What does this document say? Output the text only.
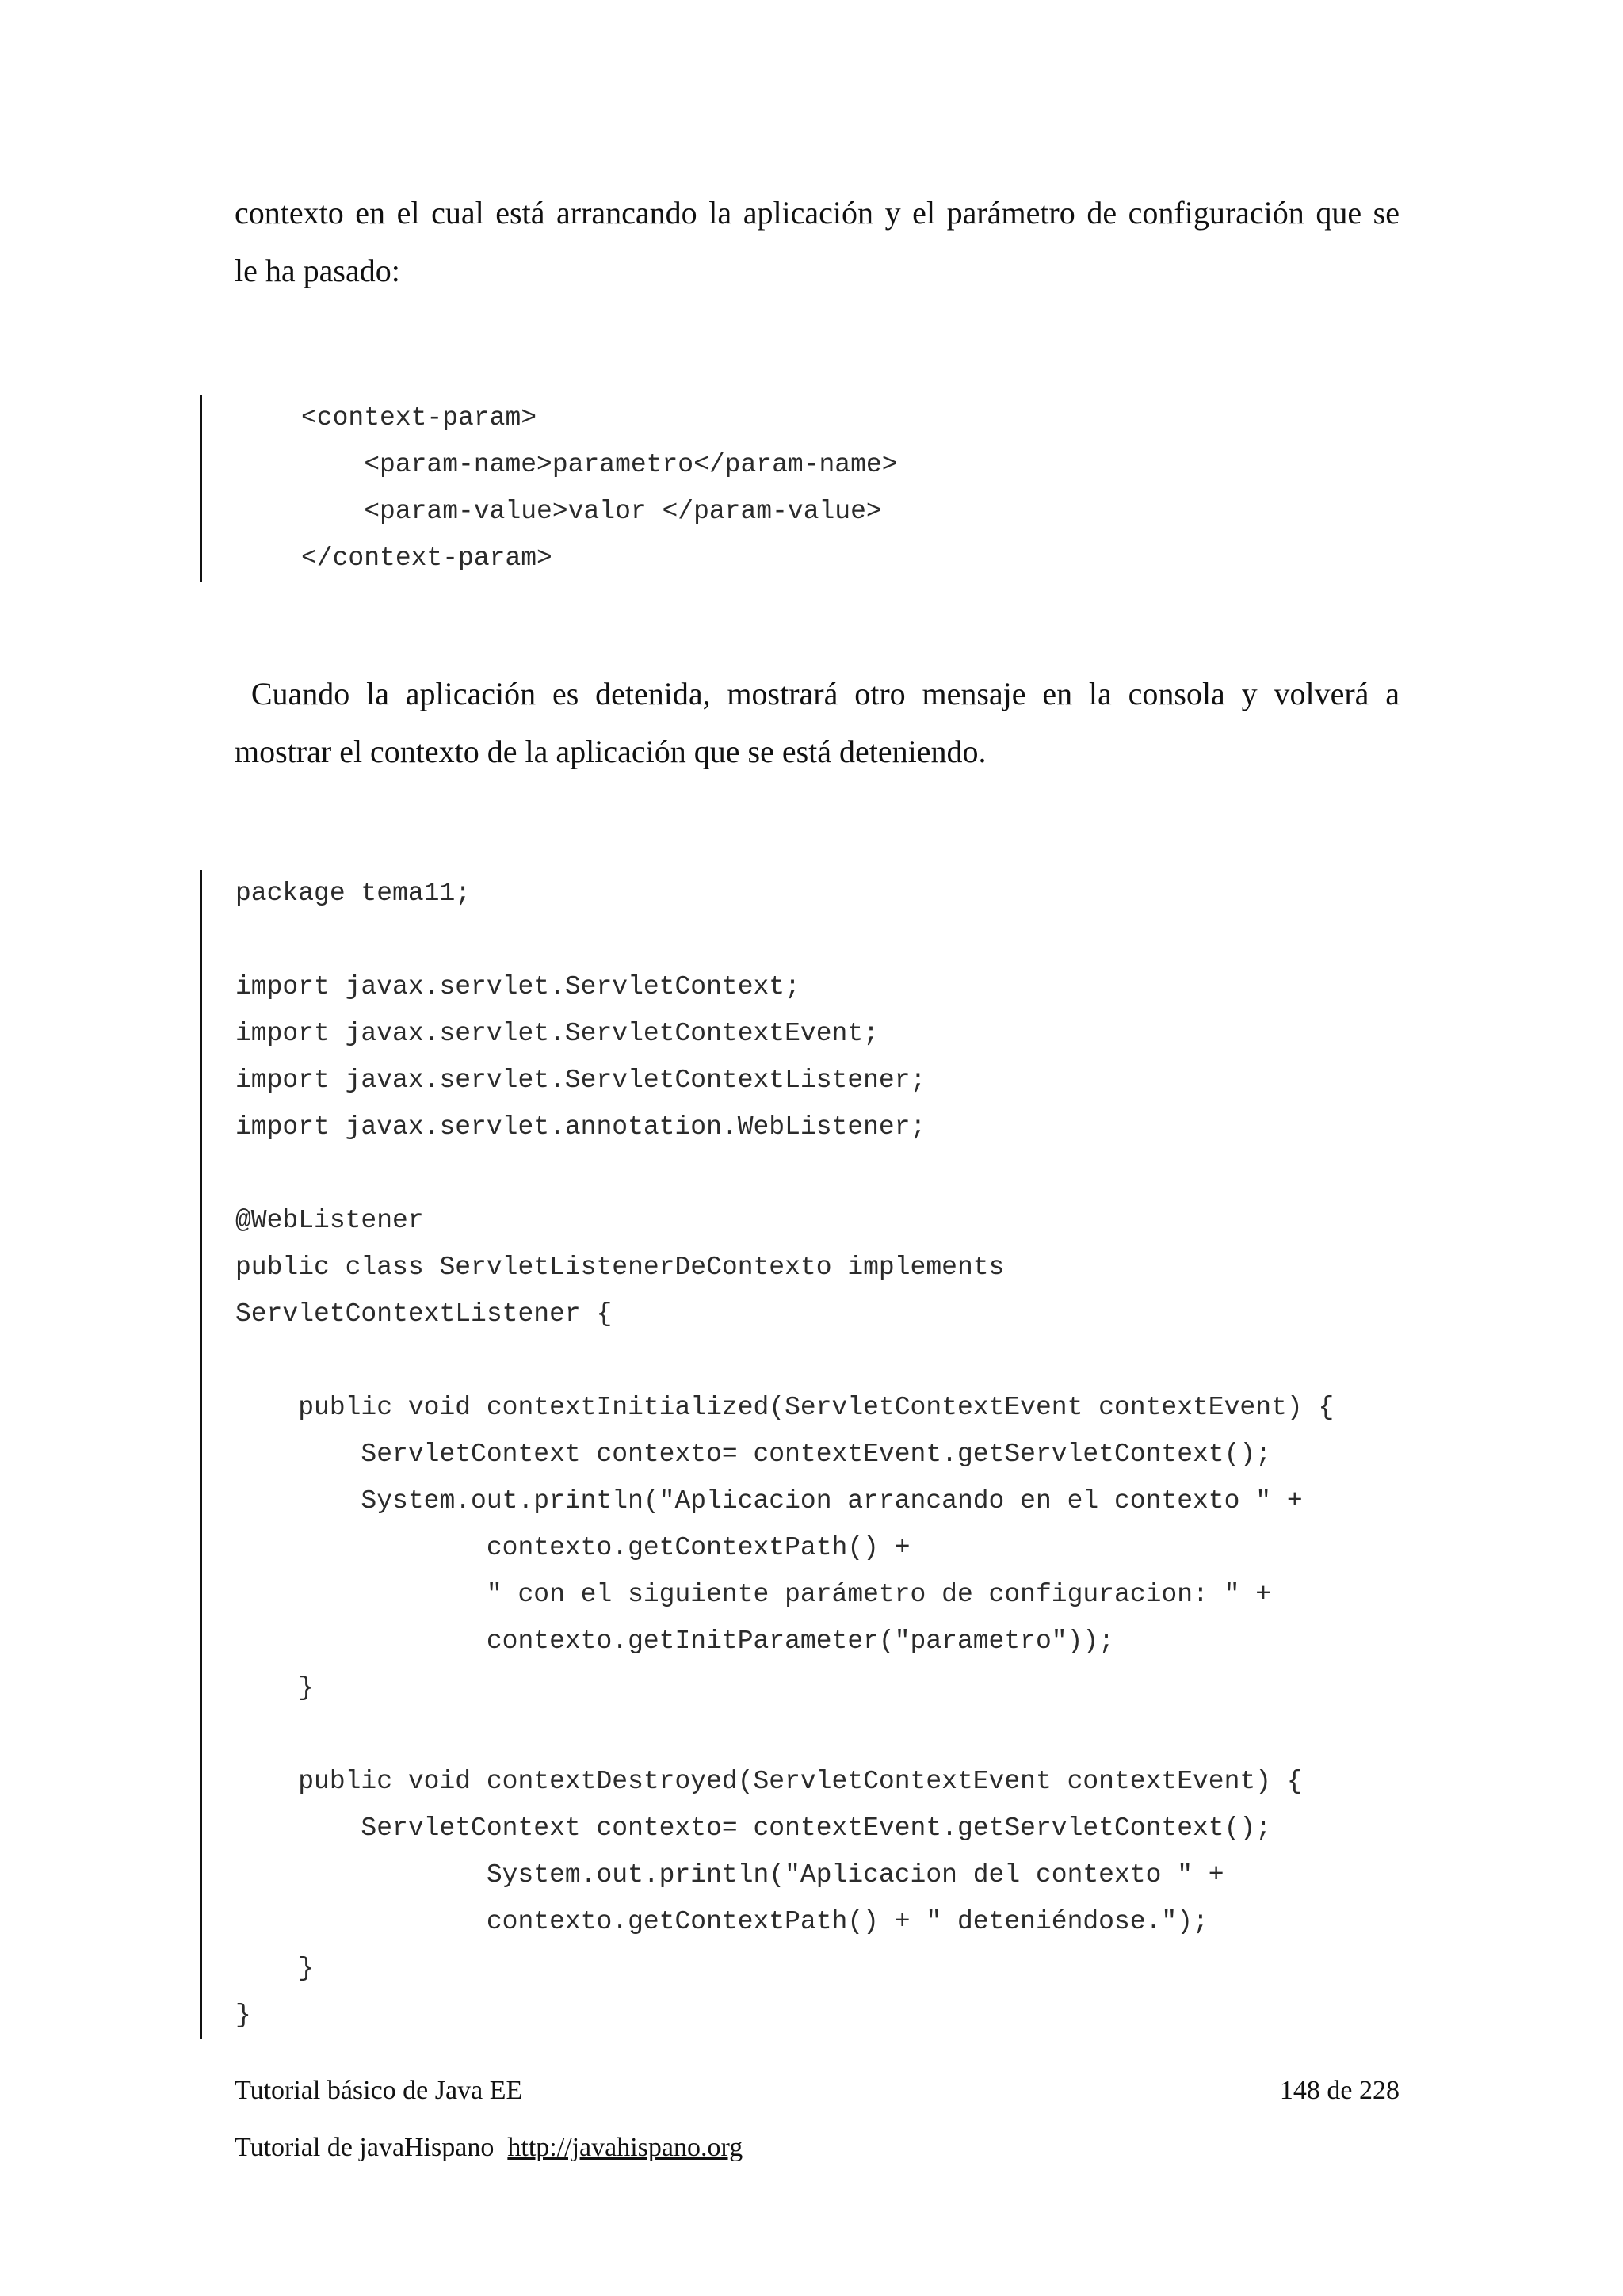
contexto en el cual está arrancando la aplicación y el parámetro de configuración que se
le ha pasado:
<context-param>
<param-name>parametro</param-name>
<param-value>valor </param-value>
</context-param>
Cuando la aplicación es detenida, mostrará otro mensaje en la consola y volverá a
mostrar el contexto de la aplicación que se está deteniendo.
package tema11;
import javax.servlet.ServletContext;
import javax.servlet.ServletContextEvent;
import javax.servlet.ServletContextListener;
import javax.servlet.annotation.WebListener;
@WebListener
public class ServletListenerDeContexto implements
ServletContextListener {
public void contextInitialized(ServletContextEvent contextEvent) {
ServletContext contexto= contextEvent.getServletContext();
System.out.println("Aplicacion arrancando en el contexto " +
contexto.getContextPath() +
" con el siguiente parámetro de configuracion: " +
contexto.getInitParameter("parametro"));
}
public void contextDestroyed(ServletContextEvent contextEvent) {
ServletContext contexto= contextEvent.getServletContext();
System.out.println("Aplicacion del contexto " +
contexto.getContextPath() + " deteniéndose.");
}
}
Tutorial básico de Java EE	148 de 228
Tutorial de javaHispano http://javahispano.org
